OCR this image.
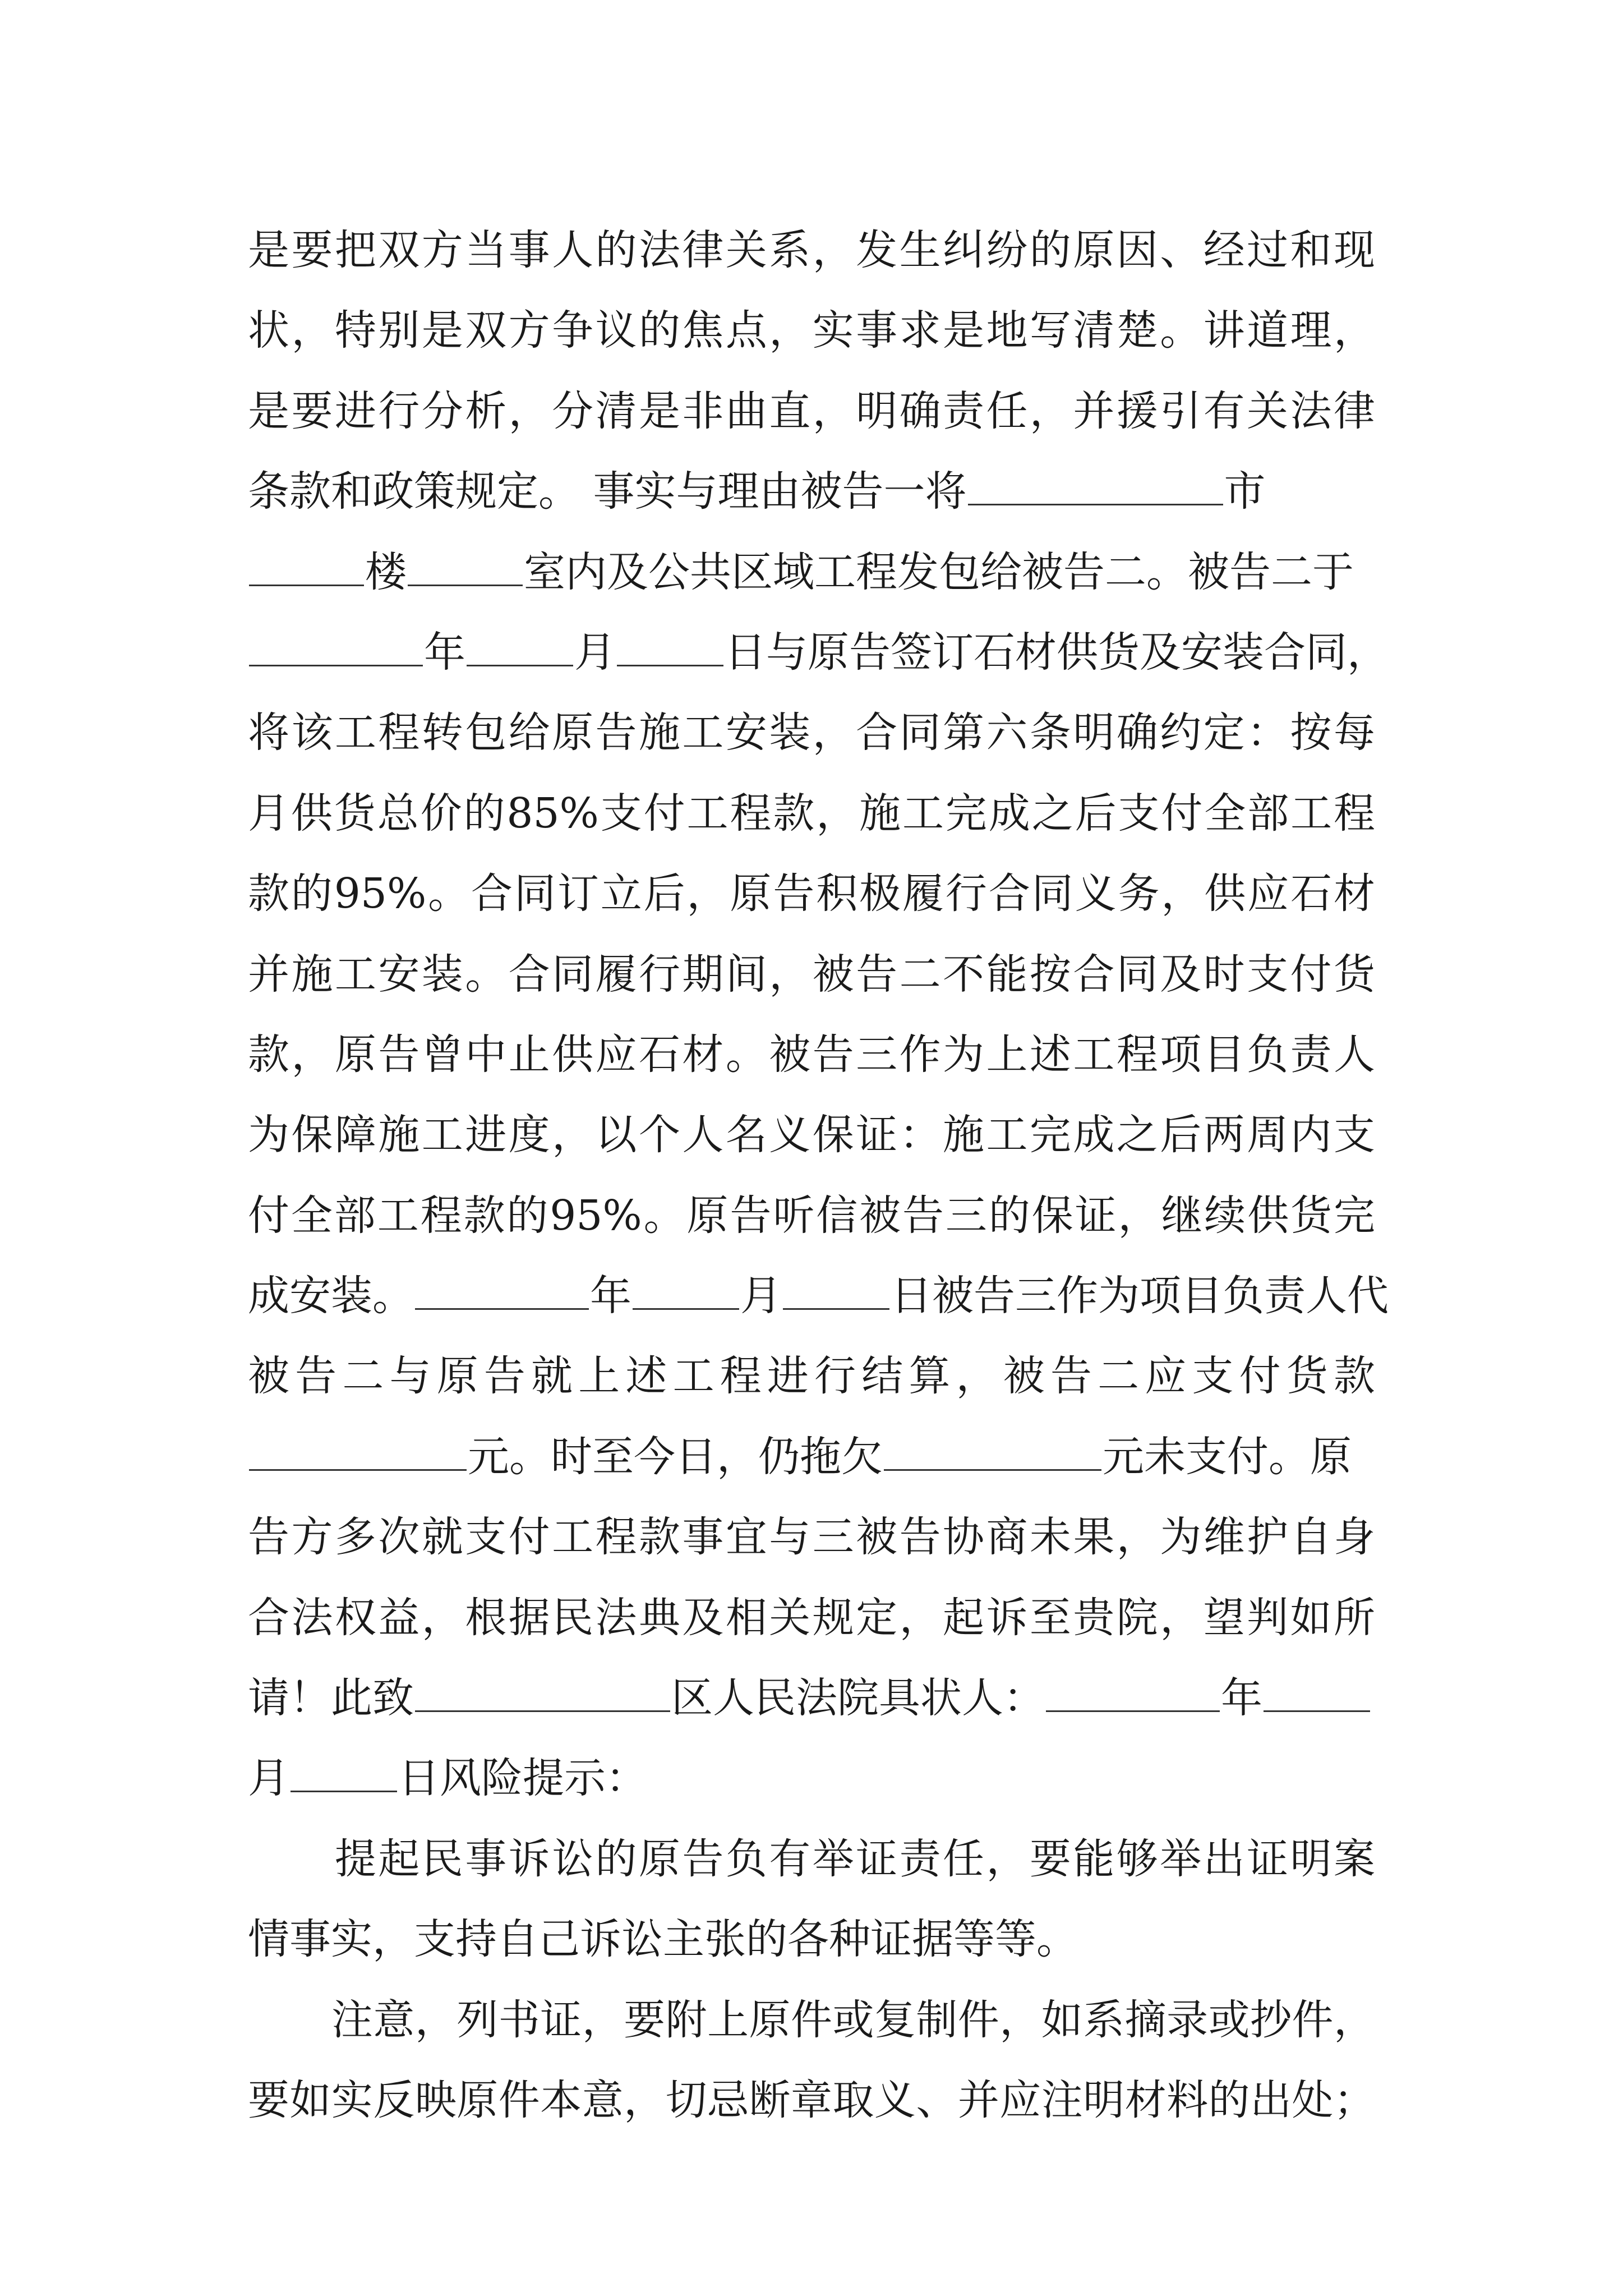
是要把双方当事人的法律关系，发生纠纷的原因、经过和现
状，特别是双方争议的焦点，实事求是地写清楚。讲道理，
是要进行分析，分清是非曲直，明确责任，并援引有关法律
条款和政策规定。 事实与理由被告一将	市
楼	室内及公共区域工程发包给被告二。被告二于
年	月	日与原告签订石材供货及安装合同，
将该工程转包给原告施工安装，合同第六条明确约定：按每
月供货总价的85%支付工程款，施工完成之后支付全部工程
款的95%。合同订立后，原告积极履行合同义务，供应石材
并施工安装。合同履行期间，被告二不能按合同及时支付货
款，原告曾中止供应石材。被告三作为上述工程项目负责人
为保障施工进度，以个人名义保证：施工完成之后两周内支
付全部工程款的95%。原告听信被告三的保证，继续供货完
成安装。	年	月	日被告三作为项目负责人代
被告二与原告就上述工程进行结算，被告二应支付货款
元。时至今日，仍拖欠	元未支付。原
告方多次就支付工程款事宜与三被告协商未果，为维护自身
合法权益，根据民法典及相关规定，起诉至贵院，望判如所
请！此致	区人民法院具状人：	年
月	日风险提示：
　　提起民事诉讼的原告负有举证责任，要能够举出证明案
情事实，支持自己诉讼主张的各种证据等等。
　　注意，列书证，要附上原件或复制件，如系摘录或抄件，
要如实反映原件本意，切忌断章取义、并应注明材料的出处；
